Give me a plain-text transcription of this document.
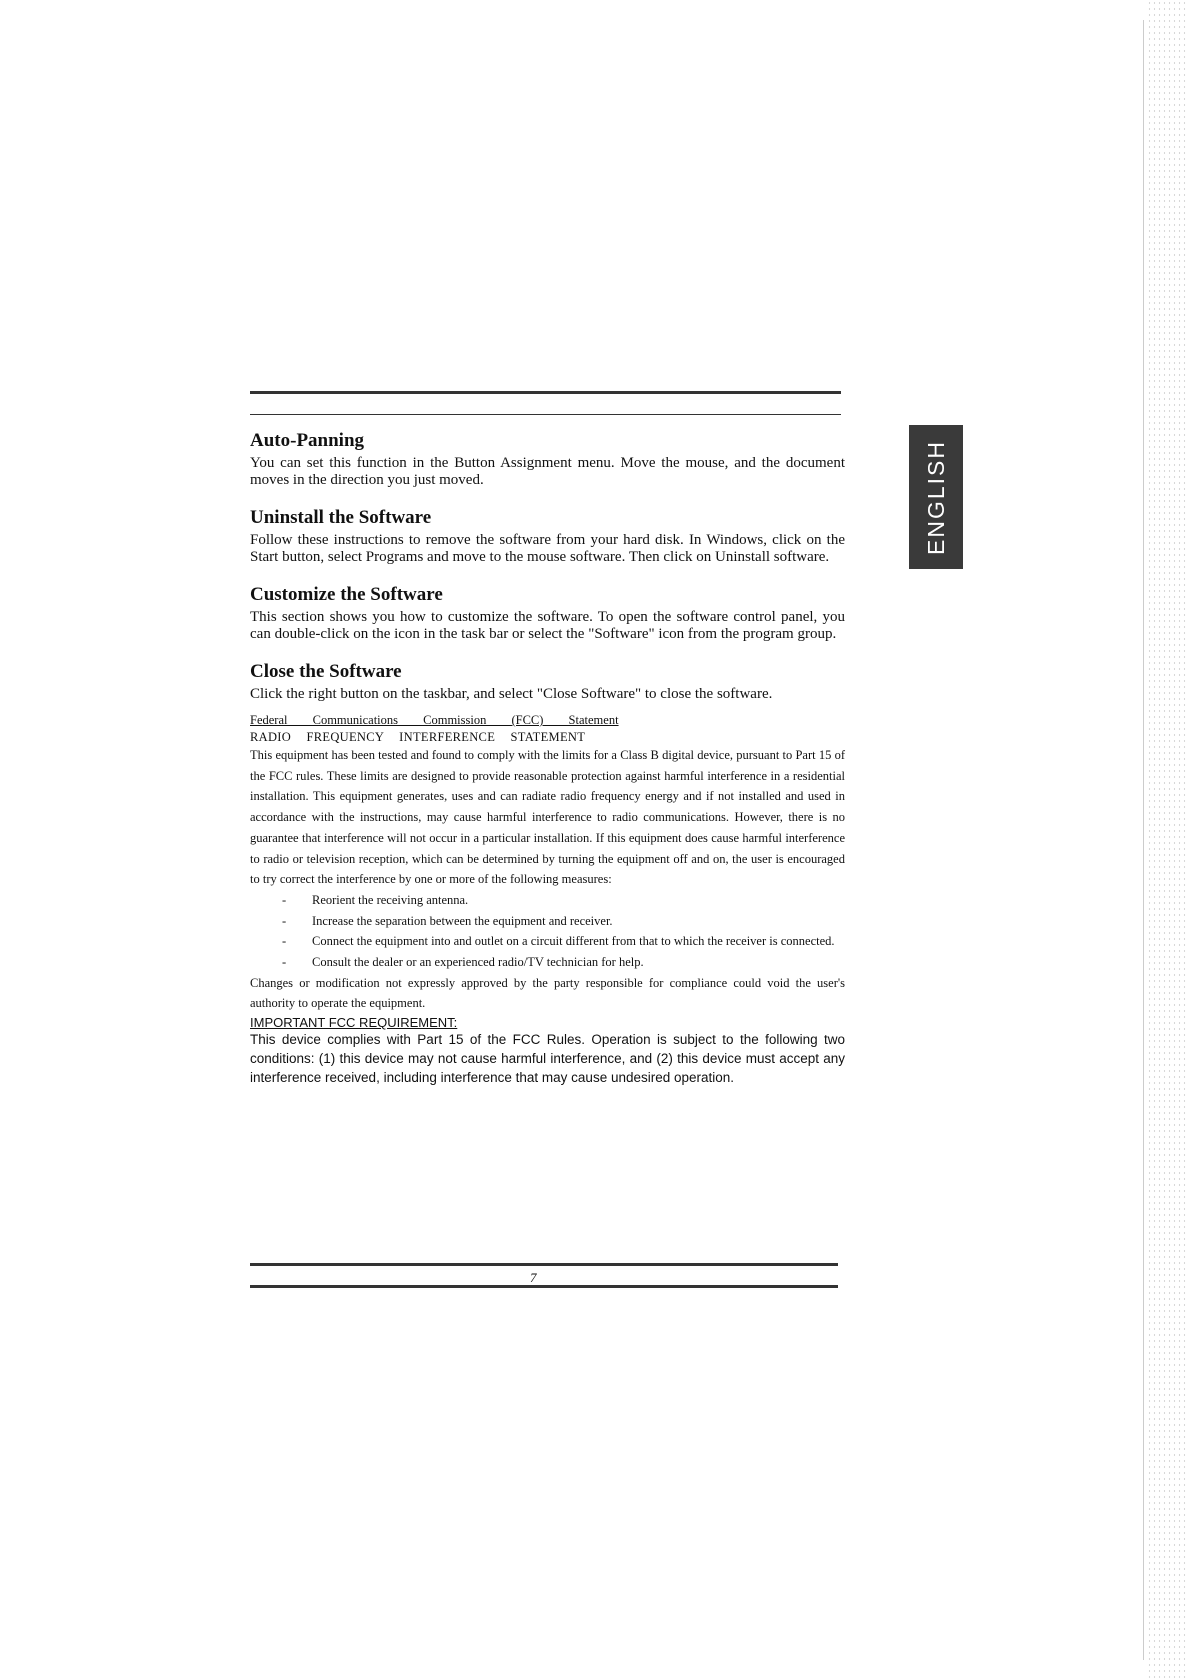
ENGLISH
Auto-Panning

You can set this function in the Button Assignment menu. Move the mouse, and the document moves in the direction you just moved.

Uninstall the Software

Follow these instructions to remove the software from your hard disk. In Windows, click on the Start button, select Programs and move to the mouse software. Then click on Uninstall software.

Customize the Software

This section shows you how to customize the software. To open the software control panel, you can double-click on the icon in the task bar or select the "Software" icon from the program group.

Close the Software

Click the right button on the taskbar, and select "Close Software" to close the software.

Federal Communications Commission (FCC) Statement

RADIO FREQUENCY INTERFERENCE STATEMENT

This equipment has been tested and found to comply with the limits for a Class B digital device, pursuant to Part 15 of the FCC rules. These limits are designed to provide reasonable protection against harmful interference in a residential installation. This equipment generates, uses and can radiate radio frequency energy and if not installed and used in accordance with the instructions, may cause harmful interference to radio communications. However, there is no guarantee that interference will not occur in a particular installation. If this equipment does cause harmful interference to radio or television reception, which can be determined by turning the equipment off and on, the user is encouraged to try correct the interference by one or more of the following measures:

- Reorient the receiving antenna.
- Increase the separation between the equipment and receiver.
- Connect the equipment into and outlet on a circuit different from that to which the receiver is connected.
- Consult the dealer or an experienced radio/TV technician for help.

Changes or modification not expressly approved by the party responsible for compliance could void the user's authority to operate the equipment.

IMPORTANT FCC REQUIREMENT:

This device complies with Part 15 of the FCC Rules. Operation is subject to the following two conditions: (1) this device may not cause harmful interference, and (2) this device must accept any interference received, including interference that may cause undesired operation.

7
